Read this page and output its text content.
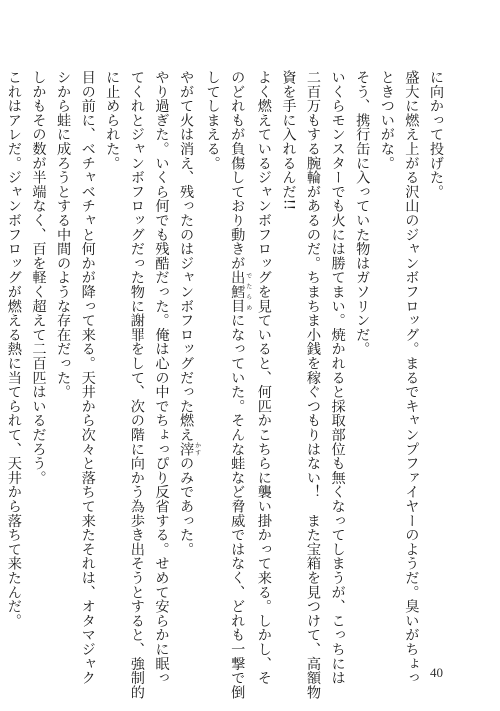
に向かって投げた。
盛大に燃え上がる沢山のジャンボフロッグ。まるでキャンプファイヤーのようだ。臭いがちょっ
ときついがな。
そう、携行缶に入っていた物はガソリンだ。
いくらモンスターでも火には勝てまい。焼かれると採取部位も無くなってしまうが、こっちには
二百万もする腕輪があるのだ。ちまちま小銭を稼ぐつもりはない！　また宝箱を見つけて、高額物
資を手に入れるんだ!!
よく燃えているジャンボフロッグを見ていると、何匹かこちらに襲い掛かって来る。しかし、そ
のどれもが負傷しており動きが出鱈目 でたらめになっていた。そんな蛙など脅威ではなく、どれも一撃で倒
してしまえる。
やがて火は消え、残ったのはジャンボフロッグだった燃え滓 かすのみであった。
やり過ぎた。いくら何でも残酷だった。俺は心の中でちょっぴり反省する。せめて安らかに眠っ
てくれとジャンボフロッグだった物に謝罪をして、次の階に向かう為歩き出そうとすると、強制的
に止められた。
目の前に、ベチャベチャと何かが降って来る。天井から次々と落ちて来たそれは、オタマジャク
シから蛙に成ろうとする中間のような存在だった。
しかもその数が半端なく、百を軽く超えて二百匹はいるだろう。
これはアレだ。ジャンボフロッグが燃える熱に当てられて、天井から落ちて来たんだ。
40
